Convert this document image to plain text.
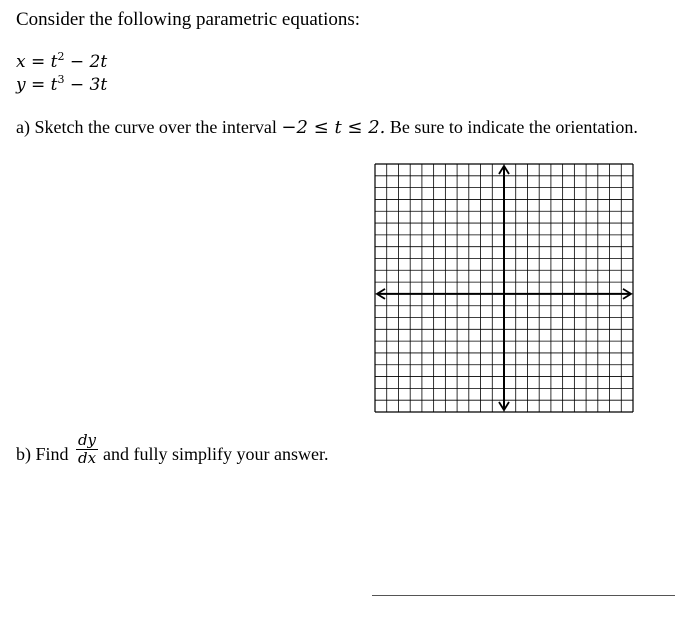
Consider the following parametric equations:
$x = t^2 - 2t$
$y = t^3 - 3t$
a) Sketch the curve over the interval −2 ≤ t ≤ 2. Be sure to indicate the orientation.
b) Find $\frac{dy}{dx}$ and fully simplify your answer.
